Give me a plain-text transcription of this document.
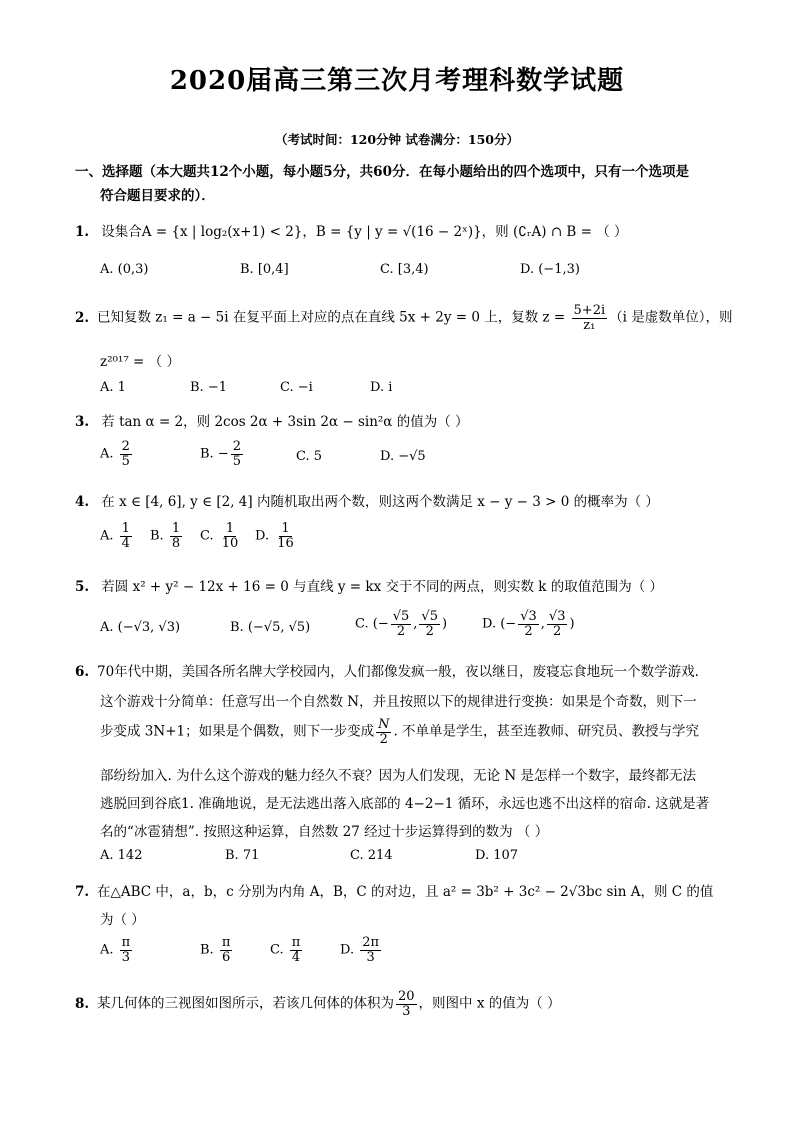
2020届高三第三次月考理科数学试题
（考试时间：120分钟 试卷满分：150分）
一、选择题（本大题共12个小题，每小题5分，共60分．在每小题给出的四个选项中，只有一个选项是
符合题目要求的）．
1. 设集合A = {x | log₂(x+1) < 2}，B = {y | y = √(16 − 2ˣ)}，则 (∁ᵣA) ∩ B = （ ）
A. (0,3)	B. [0,4]	C. [3,4)	D. (−1,3)
2. 已知复数 z₁ = a − 5i 在复平面上对应的点在直线 5x + 2y = 0 上，复数 $z = \frac{5+2i}{\text{z₁}} (i$ 是虚数单位），则
z²⁰¹⁷ = （ ）
A. 1	B. −1	C. −i	D. i
3. 若 tan α = 2，则 2cos 2α + 3sin 2α − sin²α 的值为（ ）
A. $\frac{2}{5}$	B. − $\frac{2}{5}$	C. 5	D. −√5
4. 在 x ∈ [4, 6], y ∈ [2, 4] 内随机取出两个数，则这两个数满足 x − y − 3 > 0 的概率为（ ）
A. $\frac{1}{4} B$. $\frac{1}{8} C$. $\frac{1}{10} D$. $\frac{1}{16}$
5. 若圆 x² + y² − 12x + 16 = 0 与直线 y = kx 交于不同的两点，则实数 k 的取值范围为（ ）
A. (−√3, √3)	B. (−√5, √5)	C. (− $\frac{√5}{2}$ , $\frac{√5}{2}$ )	D. (− $\frac{√3}{2}$ , $\frac{√3}{2}$ )
6. 70年代中期，美国各所名牌大学校园内，人们都像发疯一般，夜以继日，废寝忘食地玩一个数学游戏.
这个游戏十分简单：任意写出一个自然数 N，并且按照以下的规律进行变换：如果是个奇数，则下一
步变成 3N+1；如果是个偶数，则下一步变成 $\frac{N}{2}$ . 不单单是学生，甚至连教师、研究员、教授与学究
部纷纷加入. 为什么这个游戏的魅力经久不衰？因为人们发现，无论 N 是怎样一个数字，最终都无法
逃脱回到谷底1. 准确地说，是无法逃出落入底部的 4−2−1 循环，永远也逃不出这样的宿命. 这就是著
名的“冰雹猜想”. 按照这种运算，自然数 27 经过十步运算得到的数为 （ ）
A. 142	B. 71	C. 214	D. 107
7. 在△ABC 中，a，b，c 分别为内角 A，B，C 的对边，且 a² = 3b² + 3c² − 2√3bc sin A，则 C 的值
为（ ）
A. $\frac{\pi}{3}$	B. $\frac{\pi}{6}$	C. $\frac{\pi}{4}$	D. $\frac{2\pi}{3}$
8. 某几何体的三视图如图所示，若该几何体的体积为 $\frac{20}{3}$ ，则图中 x 的值为（ ）
